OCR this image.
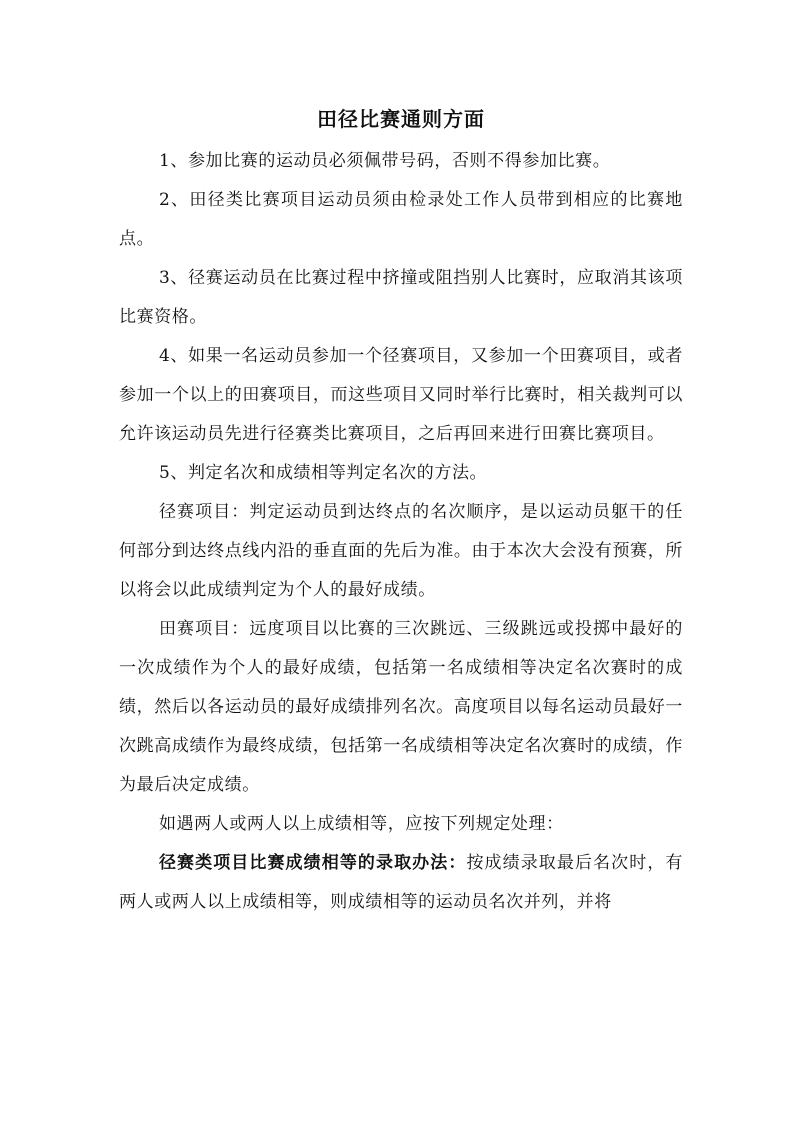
田径比赛通则方面

1、参加比赛的运动员必须佩带号码，否则不得参加比赛。

2、田径类比赛项目运动员须由检录处工作人员带到相应的比赛地点。

3、径赛运动员在比赛过程中挤撞或阻挡别人比赛时，应取消其该项比赛资格。

4、如果一名运动员参加一个径赛项目，又参加一个田赛项目，或者参加一个以上的田赛项目，而这些项目又同时举行比赛时，相关裁判可以允许该运动员先进行径赛类比赛项目，之后再回来进行田赛比赛项目。

5、判定名次和成绩相等判定名次的方法。

径赛项目：判定运动员到达终点的名次顺序，是以运动员躯干的任何部分到达终点线内沿的垂直面的先后为准。由于本次大会没有预赛，所以将会以此成绩判定为个人的最好成绩。

田赛项目：远度项目以比赛的三次跳远、三级跳远或投掷中最好的一次成绩作为个人的最好成绩，包括第一名成绩相等决定名次赛时的成绩，然后以各运动员的最好成绩排列名次。高度项目以每名运动员最好一次跳高成绩作为最终成绩，包括第一名成绩相等决定名次赛时的成绩，作为最后决定成绩。

如遇两人或两人以上成绩相等，应按下列规定处理：

径赛类项目比赛成绩相等的录取办法：按成绩录取最后名次时，有两人或两人以上成绩相等，则成绩相等的运动员名次并列，并将
